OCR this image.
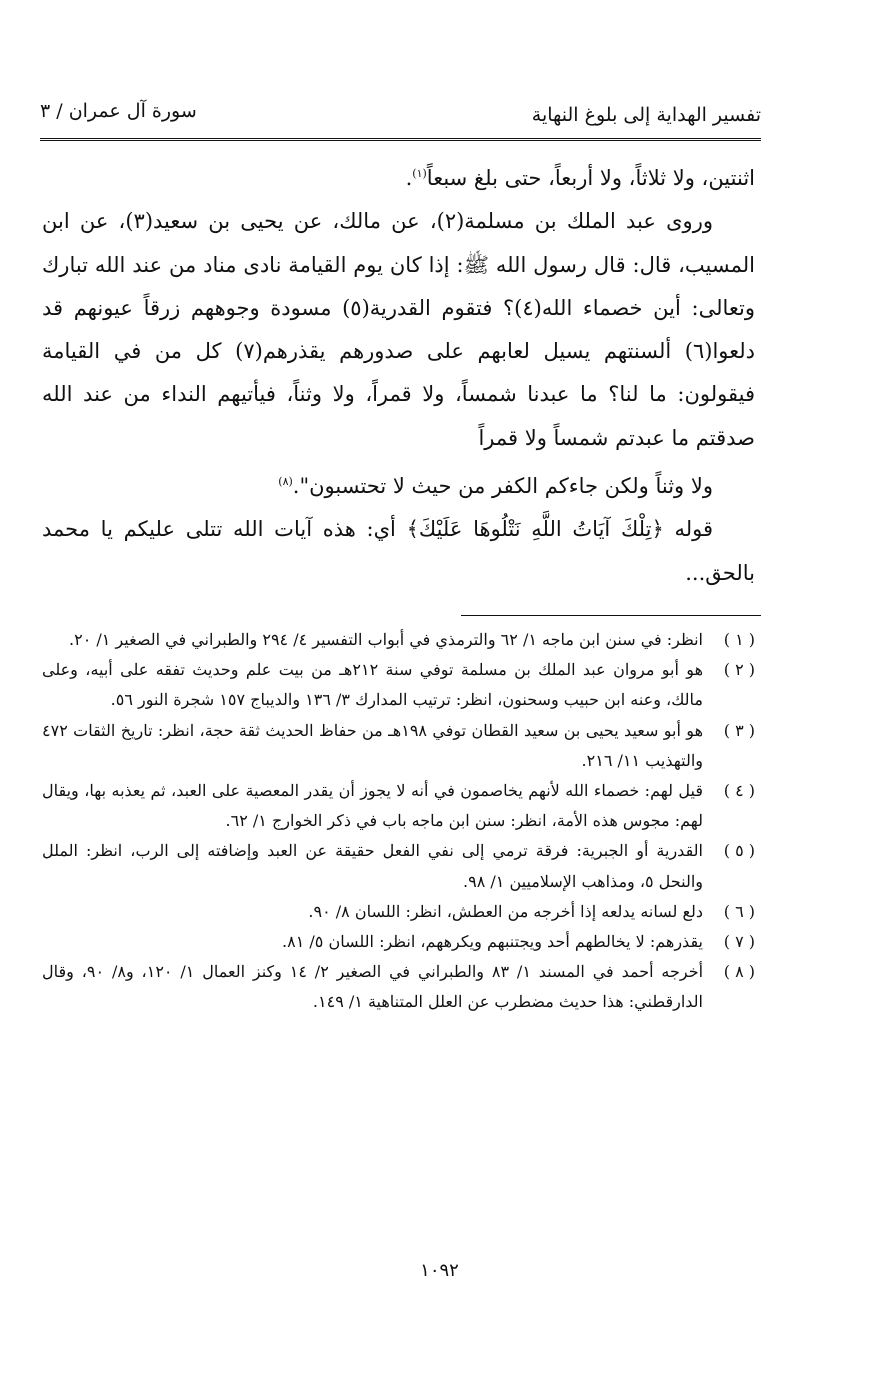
سورة آل عمران / ٣	تفسير الهداية إلى بلوغ النهاية

اثنتين، ولا ثلاثاً، ولا أربعاً، حتى بلغ سبعاً$^{(١)}$.

وروى عبد الملك بن مسلمة(٢)، عن مالك، عن يحيى بن سعيد(٣)، عن ابن المسيب، قال: قال رسول الله ﷺ: إذا كان يوم القيامة نادى مناد من عند الله تبارك وتعالى: أين خصماء الله(٤)؟ فتقوم القدرية(٥) مسودة وجوههم زرقاً عيونهم قد دلعوا(٦) ألسنتهم يسيل لعابهم على صدورهم يقذرهم(٧) كل من في القيامة فيقولون: ما لنا؟ ما عبدنا شمساً، ولا قمراً، ولا وثناً، فيأتيهم النداء من عند الله صدقتم ما عبدتم شمساً ولا قمراً

ولا وثناً ولكن جاءكم الكفر من حيث لا تحتسبون".$^{(٨)}$

قوله ﴿تِلْكَ آيَاتُ اللَّهِ نَتْلُوهَا عَلَيْكَ﴾ أي: هذه آيات الله تتلى عليكم يا محمد بالحق...

( ١ )
انظر: في سنن ابن ماجه ١/ ٦٢ والترمذي في أبواب التفسير ٤/ ٢٩٤ والطبراني في الصغير ١/ ٢٠.
( ٢ )
هو أبو مروان عبد الملك بن مسلمة توفي سنة ٢١٢هـ من بيت علم وحديث تفقه على أبيه، وعلى مالك، وعنه ابن حبيب وسحنون، انظر: ترتيب المدارك ٣/ ١٣٦ والديباج ١٥٧ شجرة النور ٥٦.
( ٣ )
هو أبو سعيد يحيى بن سعيد القطان توفي ١٩٨هـ من حفاظ الحديث ثقة حجة، انظر: تاريخ الثقات ٤٧٢ والتهذيب ١١/ ٢١٦.
( ٤ )
قيل لهم: خصماء الله لأنهم يخاصمون في أنه لا يجوز أن يقدر المعصية على العبد، ثم يعذبه بها، ويقال لهم: مجوس هذه الأمة، انظر: سنن ابن ماجه باب في ذكر الخوارج ١/ ٦٢.
( ٥ )
القدرية أو الجبرية: فرقة ترمي إلى نفي الفعل حقيقة عن العبد وإضافته إلى الرب، انظر: الملل والنحل ٥، ومذاهب الإسلاميين ١/ ٩٨.
( ٦ )
دلع لسانه يدلعه إذا أخرجه من العطش، انظر: اللسان ٨/ ٩٠.
( ٧ )
يقذرهم: لا يخالطهم أحد ويجتنبهم ويكرههم، انظر: اللسان ٥/ ٨١.
( ٨ )
أخرجه أحمد في المسند ١/ ٨٣ والطبراني في الصغير ٢/ ١٤ وكنز العمال ١/ ١٢٠، و٨/ ٩٠، وقال الدارقطني: هذا حديث مضطرب عن العلل المتناهية ١/ ١٤٩.
١٠٩٢
